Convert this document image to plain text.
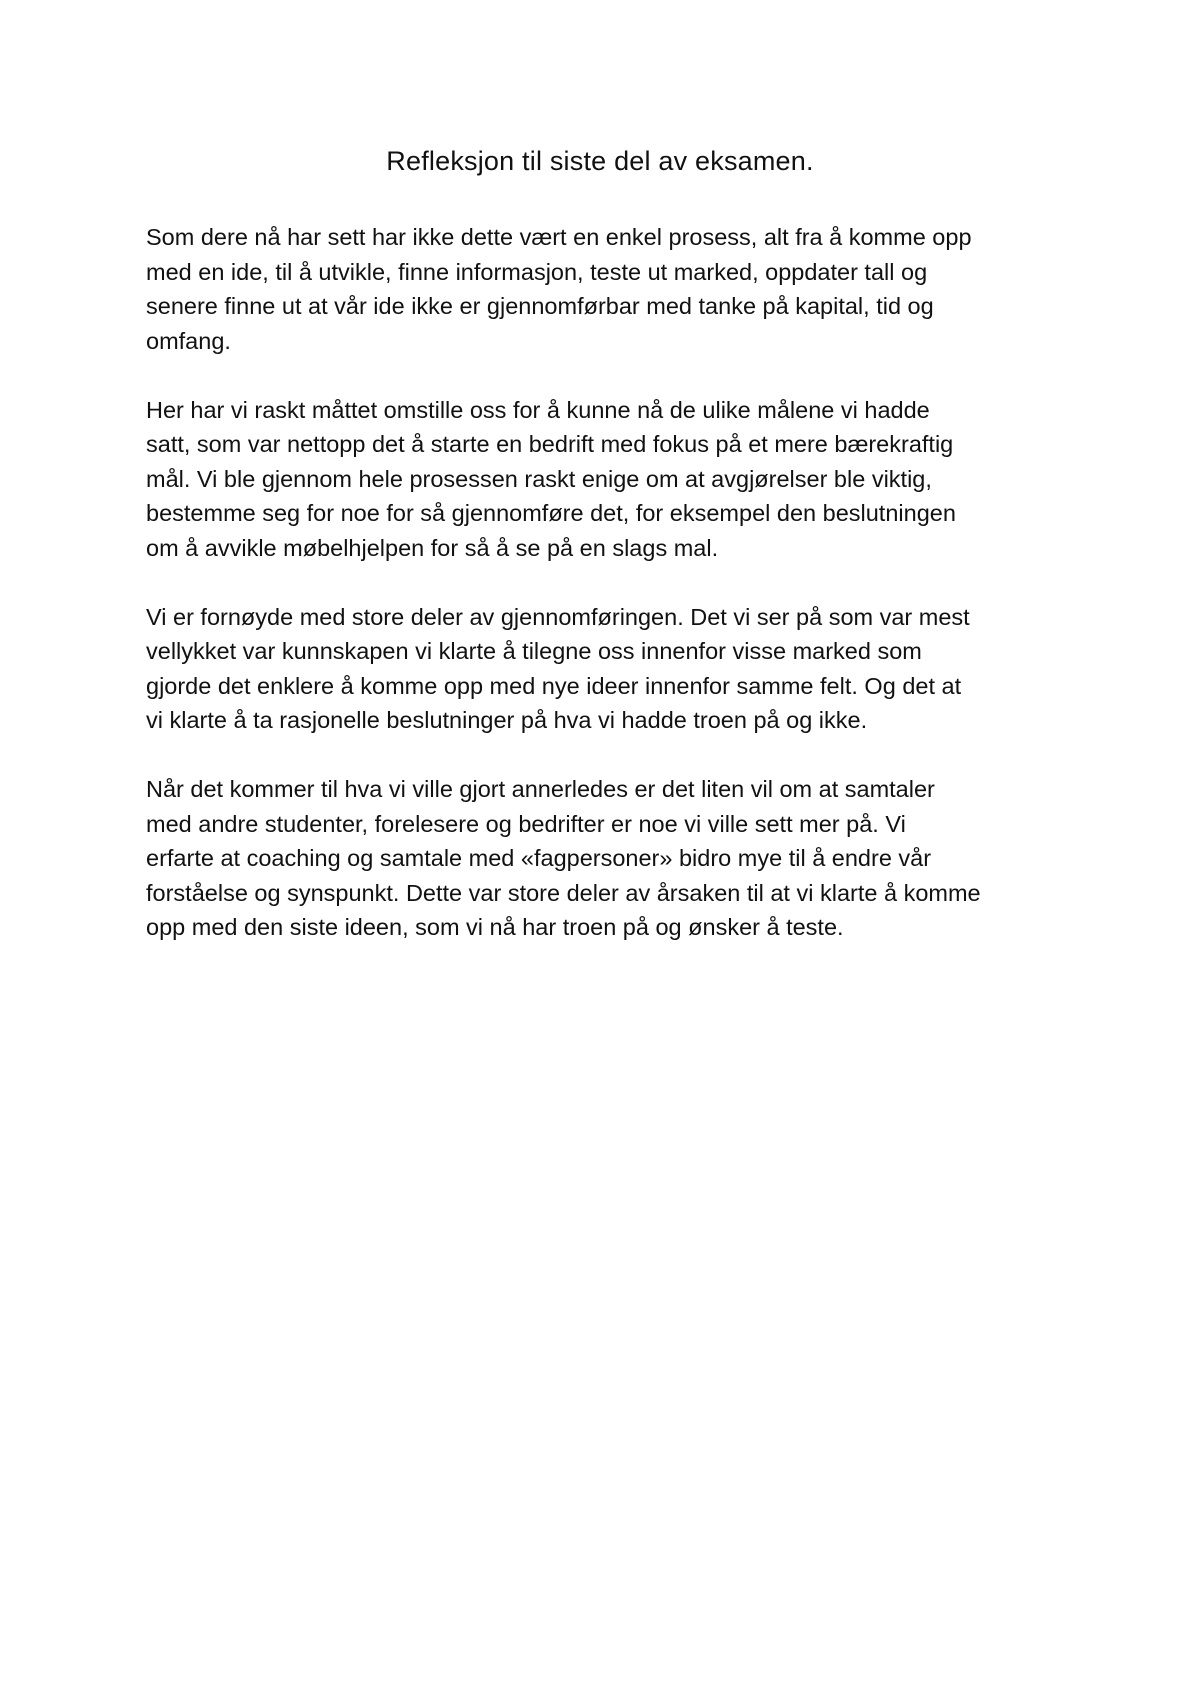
Refleksjon til siste del av eksamen.

Som dere nå har sett har ikke dette vært en enkel prosess, alt fra å komme opp
med en ide, til å utvikle, finne informasjon, teste ut marked, oppdater tall og
senere finne ut at vår ide ikke er gjennomførbar med tanke på kapital, tid og
omfang.

Her har vi raskt måttet omstille oss for å kunne nå de ulike målene vi hadde
satt, som var nettopp det å starte en bedrift med fokus på et mere bærekraftig
mål. Vi ble gjennom hele prosessen raskt enige om at avgjørelser ble viktig,
bestemme seg for noe for så gjennomføre det, for eksempel den beslutningen
om å avvikle møbelhjelpen for så å se på en slags mal.

Vi er fornøyde med store deler av gjennomføringen. Det vi ser på som var mest
vellykket var kunnskapen vi klarte å tilegne oss innenfor visse marked som
gjorde det enklere å komme opp med nye ideer innenfor samme felt. Og det at
vi klarte å ta rasjonelle beslutninger på hva vi hadde troen på og ikke.

Når det kommer til hva vi ville gjort annerledes er det liten vil om at samtaler
med andre studenter, forelesere og bedrifter er noe vi ville sett mer på. Vi
erfarte at coaching og samtale med «fagpersoner» bidro mye til å endre vår
forståelse og synspunkt. Dette var store deler av årsaken til at vi klarte å komme
opp med den siste ideen, som vi nå har troen på og ønsker å teste.
